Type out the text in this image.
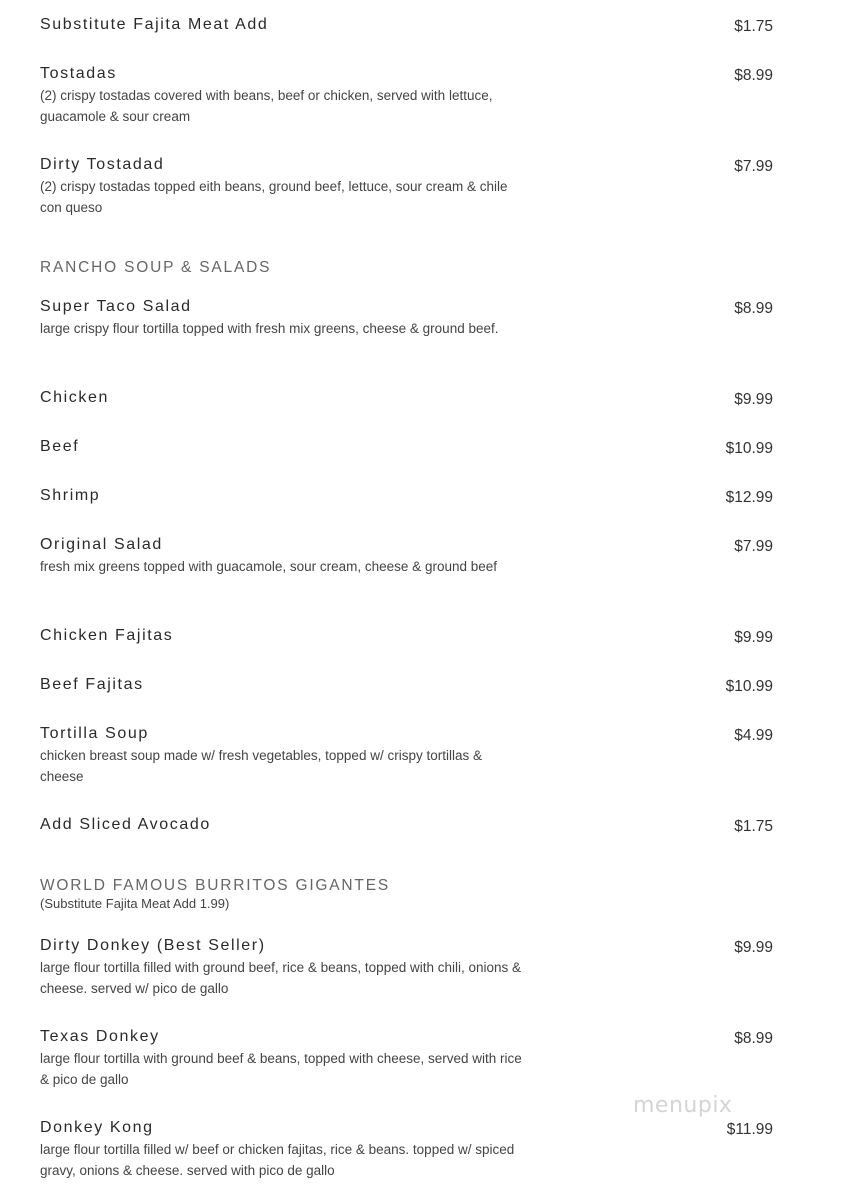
Substitute Fajita Meat Add	$1.75
Tostadas
(2) crispy tostadas covered with beans, beef or chicken, served with lettuce, guacamole & sour cream
$8.99
Dirty Tostadad
(2) crispy tostadas topped eith beans, ground beef, lettuce, sour cream & chile con queso
$7.99
RANCHO SOUP & SALADS
Super Taco Salad
large crispy flour tortilla topped with fresh mix greens, cheese & ground beef.
$8.99
Chicken	$9.99
Beef	$10.99
Shrimp	$12.99
Original Salad
fresh mix greens topped with guacamole, sour cream, cheese & ground beef
$7.99
Chicken Fajitas	$9.99
Beef Fajitas	$10.99
Tortilla Soup
chicken breast soup made w/ fresh vegetables, topped w/ crispy tortillas & cheese
$4.99
Add Sliced Avocado	$1.75
WORLD FAMOUS BURRITOS GIGANTES
(Substitute Fajita Meat Add 1.99)
Dirty Donkey (Best Seller)
large flour tortilla filled with ground beef, rice & beans, topped with chili, onions & cheese. served w/ pico de gallo
$9.99
Texas Donkey
large flour tortilla with ground beef & beans, topped with cheese, served with rice & pico de gallo
$8.99
Donkey Kong
large flour tortilla filled w/ beef or chicken fajitas, rice & beans. topped w/ spiced gravy, onions & cheese. served with pico de gallo
$11.99
menupix
